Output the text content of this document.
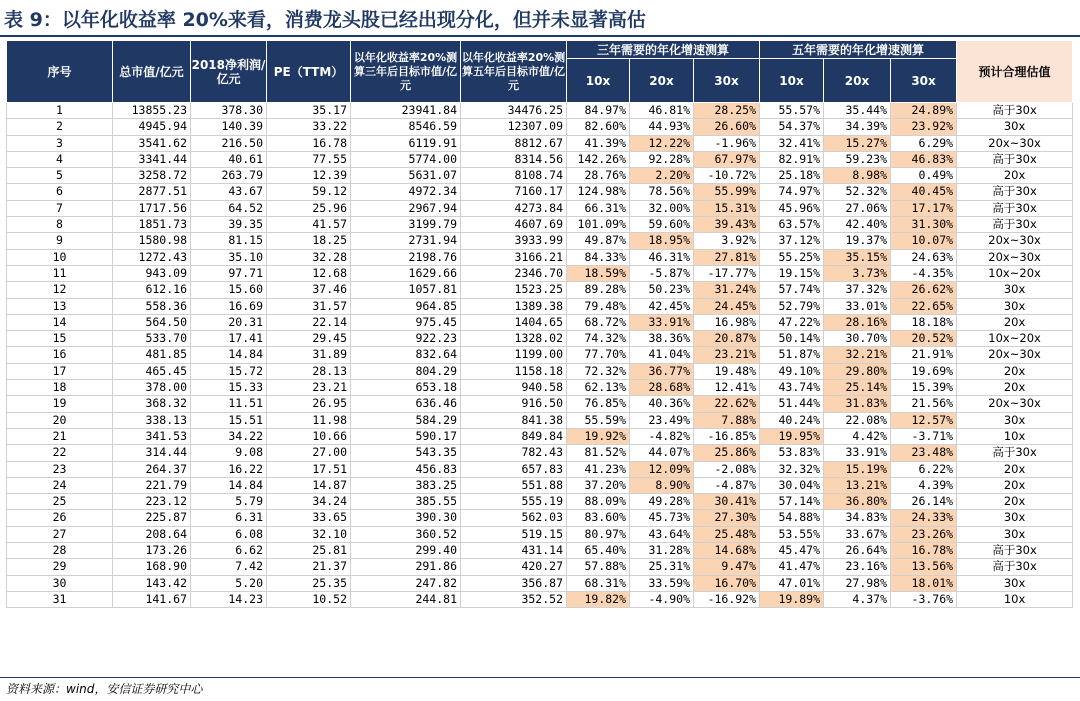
表 9：以年化收益率 20%来看，消费龙头股已经出现分化，但并未显著高估
序号	总市值/亿元	2018净利润/亿元	PE（TTM）	以年化收益率20%测算三年后目标市值/亿元	以年化收益率20%测算五年后目标市值/亿元	三年需要的年化增速测算			五年需要的年化增速测算			预计合理估值
						10x	20x	30x	10x	20x	30x	
1	13855.23	378.30	35.17	23941.84	34476.25	84.97%	46.81%	28.25%	55.57%	35.44%	24.89%	高于30x
2	4945.94	140.39	33.22	8546.59	12307.09	82.60%	44.93%	26.60%	54.37%	34.39%	23.92%	30x
3	3541.62	216.50	16.78	6119.91	8812.67	41.39%	12.22%	-1.96%	32.41%	15.27%	6.29%	20x~30x
4	3341.44	40.61	77.55	5774.00	8314.56	142.26%	92.28%	67.97%	82.91%	59.23%	46.83%	高于30x
5	3258.72	263.79	12.39	5631.07	8108.74	28.76%	2.20%	-10.72%	25.18%	8.98%	0.49%	20x
6	2877.51	43.67	59.12	4972.34	7160.17	124.98%	78.56%	55.99%	74.97%	52.32%	40.45%	高于30x
7	1717.56	64.52	25.96	2967.94	4273.84	66.31%	32.00%	15.31%	45.96%	27.06%	17.17%	高于30x
8	1851.73	39.35	41.57	3199.79	4607.69	101.09%	59.60%	39.43%	63.57%	42.40%	31.30%	高于30x
9	1580.98	81.15	18.25	2731.94	3933.99	49.87%	18.95%	3.92%	37.12%	19.37%	10.07%	20x~30x
10	1272.43	35.10	32.28	2198.76	3166.21	84.33%	46.31%	27.81%	55.25%	35.15%	24.63%	20x~30x
11	943.09	97.71	12.68	1629.66	2346.70	18.59%	-5.87%	-17.77%	19.15%	3.73%	-4.35%	10x~20x
12	612.16	15.60	37.46	1057.81	1523.25	89.28%	50.23%	31.24%	57.74%	37.32%	26.62%	30x
13	558.36	16.69	31.57	964.85	1389.38	79.48%	42.45%	24.45%	52.79%	33.01%	22.65%	30x
14	564.50	20.31	22.14	975.45	1404.65	68.72%	33.91%	16.98%	47.22%	28.16%	18.18%	20x
15	533.70	17.41	29.45	922.23	1328.02	74.32%	38.36%	20.87%	50.14%	30.70%	20.52%	10x~20x
16	481.85	14.84	31.89	832.64	1199.00	77.70%	41.04%	23.21%	51.87%	32.21%	21.91%	20x~30x
17	465.45	15.72	28.13	804.29	1158.18	72.32%	36.77%	19.48%	49.10%	29.80%	19.69%	20x
18	378.00	15.33	23.21	653.18	940.58	62.13%	28.68%	12.41%	43.74%	25.14%	15.39%	20x
19	368.32	11.51	26.95	636.46	916.50	76.85%	40.36%	22.62%	51.44%	31.83%	21.56%	20x~30x
20	338.13	15.51	11.98	584.29	841.38	55.59%	23.49%	7.88%	40.24%	22.08%	12.57%	30x
21	341.53	34.22	10.66	590.17	849.84	19.92%	-4.82%	-16.85%	19.95%	4.42%	-3.71%	10x
22	314.44	9.08	27.00	543.35	782.43	81.52%	44.07%	25.86%	53.83%	33.91%	23.48%	高于30x
23	264.37	16.22	17.51	456.83	657.83	41.23%	12.09%	-2.08%	32.32%	15.19%	6.22%	20x
24	221.79	14.84	14.87	383.25	551.88	37.20%	8.90%	-4.87%	30.04%	13.21%	4.39%	20x
25	223.12	5.79	34.24	385.55	555.19	88.09%	49.28%	30.41%	57.14%	36.80%	26.14%	20x
26	225.87	6.31	33.65	390.30	562.03	83.60%	45.73%	27.30%	54.88%	34.83%	24.33%	30x
27	208.64	6.08	32.10	360.52	519.15	80.97%	43.64%	25.48%	53.55%	33.67%	23.26%	30x
28	173.26	6.62	25.81	299.40	431.14	65.40%	31.28%	14.68%	45.47%	26.64%	16.78%	高于30x
29	168.90	7.42	21.37	291.86	420.27	57.88%	25.31%	9.47%	41.47%	23.16%	13.56%	高于30x
30	143.42	5.20	25.35	247.82	356.87	68.31%	33.59%	16.70%	47.01%	27.98%	18.01%	30x
31	141.67	14.23	10.52	244.81	352.52	19.82%	-4.90%	-16.92%	19.89%	4.37%	-3.76%	10x
资料来源：wind，安信证券研究中心
